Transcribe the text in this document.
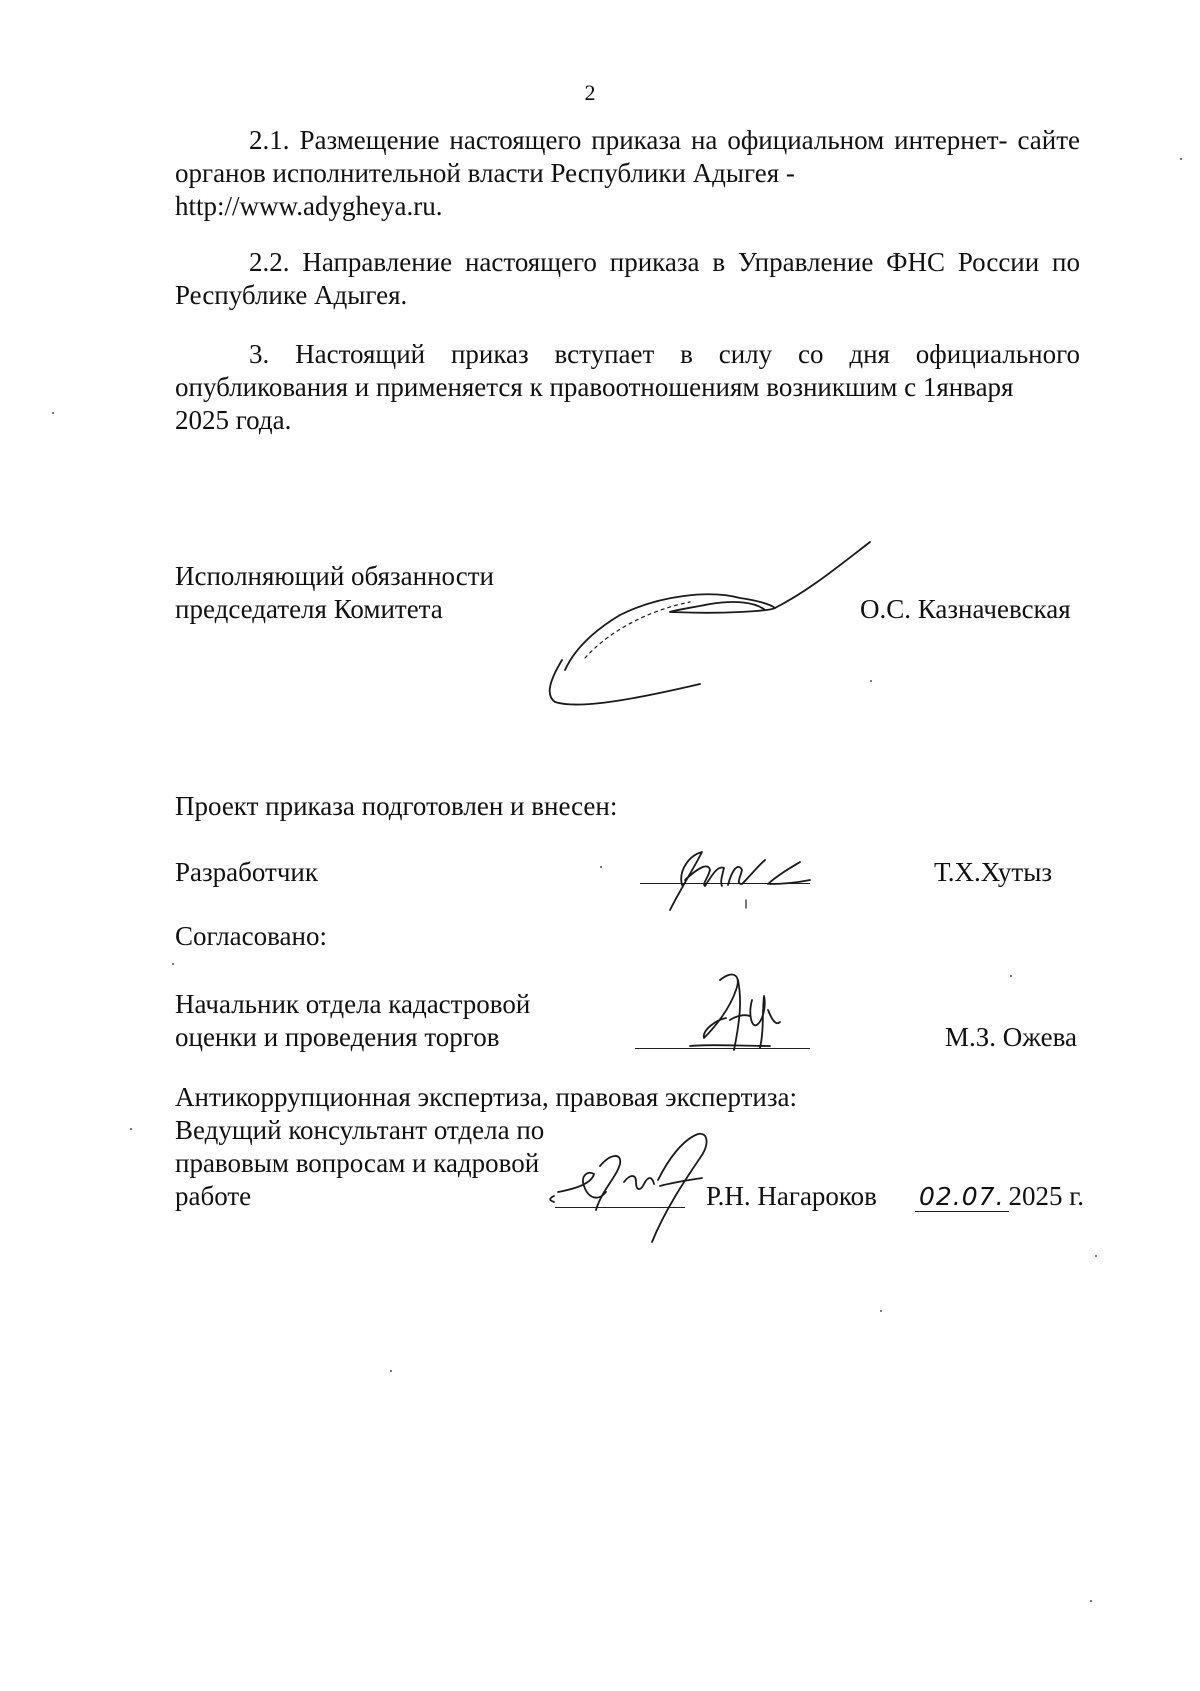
2
2.1. Размещение настоящего приказа на официальном интернет- сайте органов исполнительной власти Республики Адыгея -
http://www.adygheya.ru.
2.2. Направление настоящего приказа в Управление ФНС России по Республике Адыгея.
3. Настоящий приказ вступает в силу со дня официального опубликования и применяется к правоотношениям возникшим с 1января
2025 года.
Исполняющий обязанности
председателя Комитета	О.С. Казначевская
Проект приказа подготовлен и внесен:
Разработчик	Т.Х.Хутыз
Согласовано:
Начальник отдела кадастровой
оценки и проведения торгов	М.З. Ожева
Антикоррупционная экспертиза, правовая экспертиза:
Ведущий консультант отдела по
правовым вопросам и кадровой
работе	Р.Н. Нагароков 02.07. 2025 г.
